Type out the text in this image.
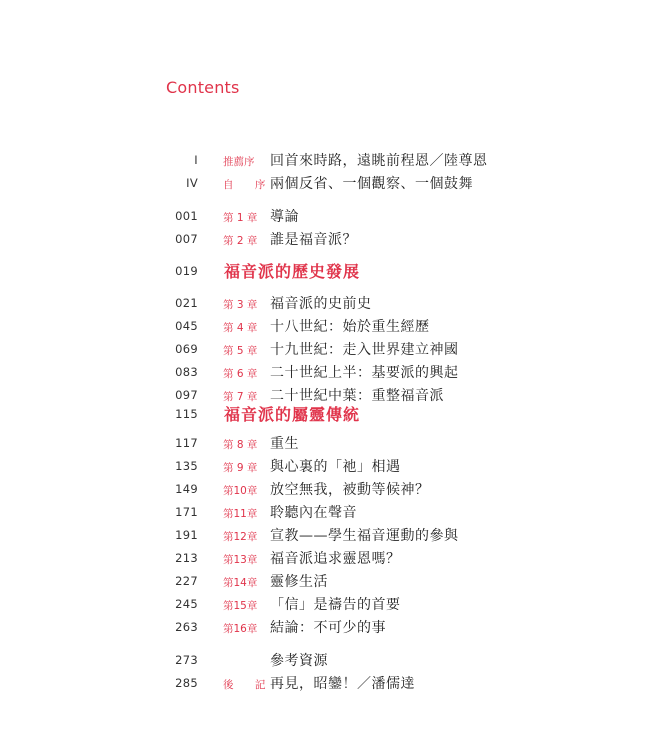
Contents
I 推薦序	回首來時路，遠眺前程恩／陸尊恩
IV 自 序
兩個反省、一個觀察、一個鼓舞
001 第 1 章 導論
007 第 2 章 誰是福音派？
019 福音派的歷史發展
021 第 3 章 福音派的史前史
045 第 4 章 十八世紀：始於重生經歷
069 第 5 章 十九世紀：走入世界建立神國
083 第 6 章 二十世紀上半：基要派的興起
097 第 7 章 二十世紀中葉：重整福音派
115 福音派的屬靈傳統
117 第 8 章 重生
135 第 9 章 與心裏的「祂」相遇
149 第10章 放空無我，被動等候神？
171 第11章 聆聽內在聲音
191 第12章 宣教——學生福音運動的參與
213 第13章 福音派追求靈恩嗎？
227 第14章 靈修生活
245 第15章 「信」是禱告的首要
263 第16章 結論：不可少的事
273	參考資源
285 後 記
再見，昭鑾！／潘儒達
